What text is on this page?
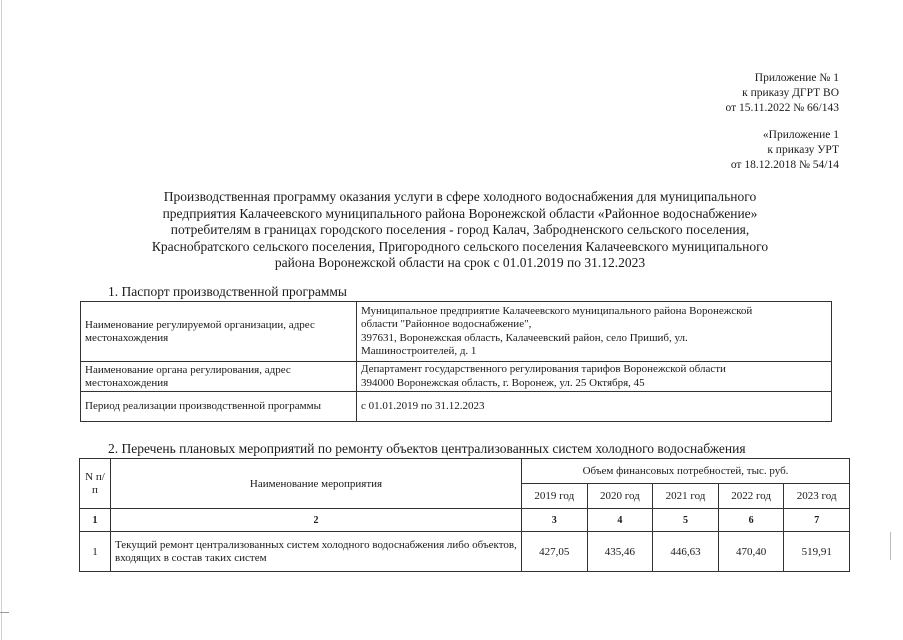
Приложение № 1
к приказу ДГРТ ВО
от 15.11.2022 № 66/143
«Приложение 1
к приказу УРТ
от 18.12.2018 № 54/14
Производственная программу оказания услуги в сфере холодного водоснабжения для муниципального
предприятия Калачеевского муниципального района Воронежской области «Районное водоснабжение»
потребителям в границах городского поселения - город Калач, Забродненского сельского поселения,
Краснобратского сельского поселения, Пригородного сельского поселения Калачеевского муниципального
района Воронежской области на срок с 01.01.2019 по 31.12.2023
1. Паспорт производственной программы
Наименование регулируемой организации, адрес местонахождения	Муниципальное предприятие Калачеевского муниципального района Воронежской
области "Районное водоснабжение",
397631, Воронежская область, Калачеевский район, село Пришиб, ул.
Машиностроителей, д. 1

Наименование органа регулирования, адрес местонахождения	Департамент государственного регулирования тарифов Воронежской области
394000 Воронежская область, г. Воронеж, ул. 25 Октября, 45

Период реализации производственной программы	с 01.01.2019 по 31.12.2023
2. Перечень плановых мероприятий по ремонту объектов централизованных систем холодного водоснабжения
N п/п	Наименование мероприятия	Объем финансовых потребностей, тыс. руб.				
		2019 год	2020 год	2021 год	2022 год	2023 год
1	2	3	4	5	6	7
1	Текущий ремонт централизованных систем холодного водоснабжения либо объектов, входящих в состав таких систем	427,05	435,46	446,63	470,40	519,91
